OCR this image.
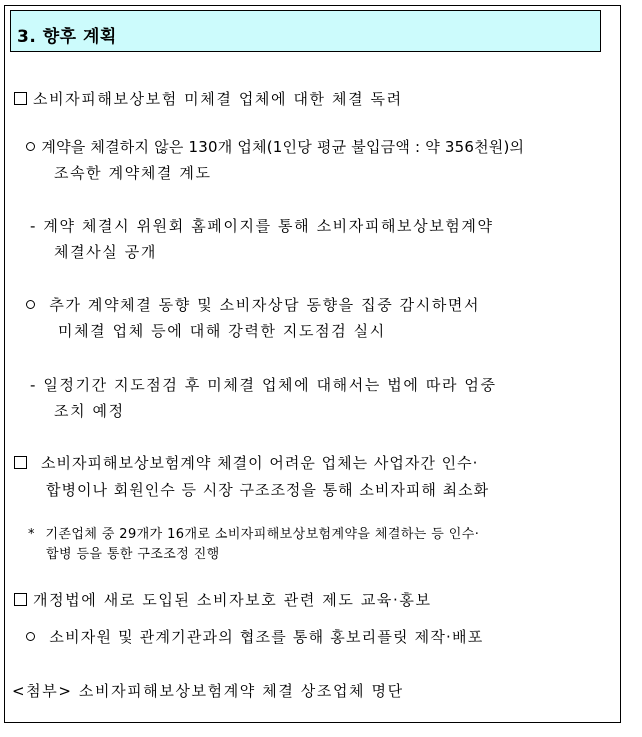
3. 향후 계획
소비자피해보상보험 미체결 업체에 대한 체결 독려
계약을 체결하지 않은 130개 업체(1인당 평균 불입금액 : 약 356천원)의
조속한 계약체결 계도
- 계약 체결시 위원회 홈페이지를 통해 소비자피해보상보험계약
체결사실 공개
추가 계약체결 동향 및 소비자상담 동향을 집중 감시하면서
미체결 업체 등에 대해 강력한 지도점검 실시
- 일정기간 지도점검 후 미체결 업체에 대해서는 법에 따라 엄중
조치 예정
소비자피해보상보험계약 체결이 어려운 업체는 사업자간 인수·
합병이나 회원인수 등 시장 구조조정을 통해 소비자피해 최소화
* 기존업체 중 29개가 16개로 소비자피해보상보험계약을 체결하는 등 인수·
합병 등을 통한 구조조정 진행
개정법에 새로 도입된 소비자보호 관련 제도 교육·홍보
소비자원 및 관계기관과의 협조를 통해 홍보리플릿 제작·배포
<첨부> 소비자피해보상보험계약 체결 상조업체 명단
